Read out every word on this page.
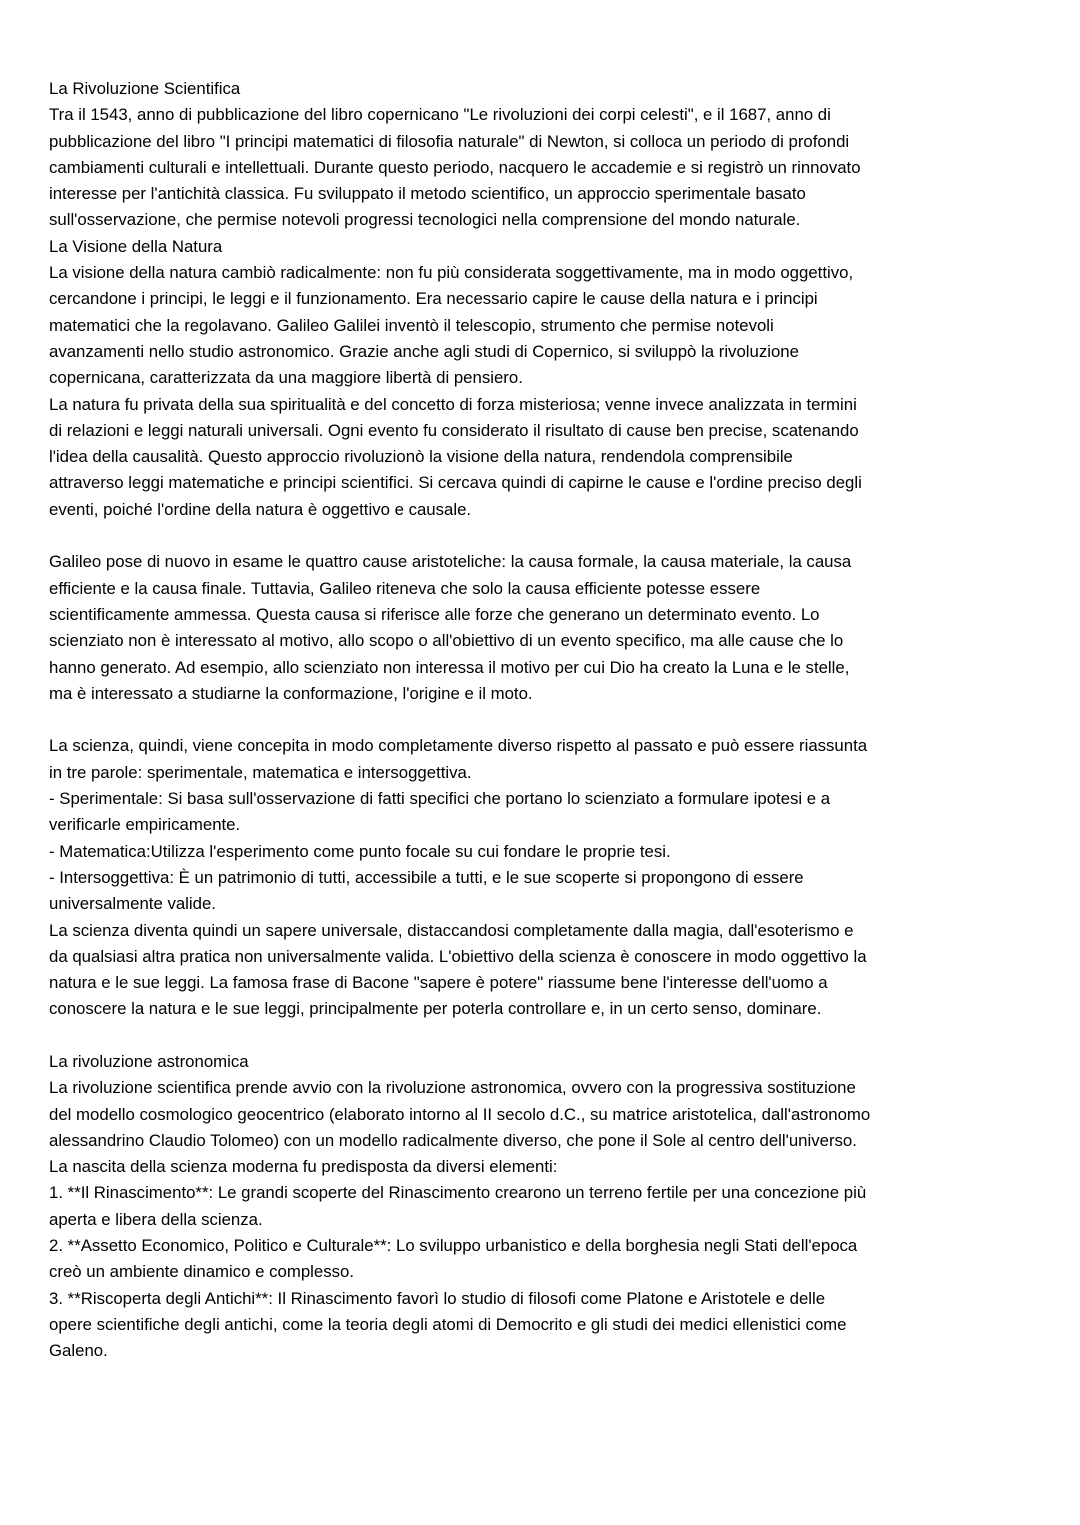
La Rivoluzione Scientifica
Tra il 1543, anno di pubblicazione del libro copernicano "Le rivoluzioni dei corpi celesti", e il 1687, anno di
pubblicazione del libro "I principi matematici di filosofia naturale" di Newton, si colloca un periodo di profondi
cambiamenti culturali e intellettuali. Durante questo periodo, nacquero le accademie e si registrò un rinnovato
interesse per l'antichità classica. Fu sviluppato il metodo scientifico, un approccio sperimentale basato
sull'osservazione, che permise notevoli progressi tecnologici nella comprensione del mondo naturale.
La Visione della Natura
La visione della natura cambiò radicalmente: non fu più considerata soggettivamente, ma in modo oggettivo,
cercandone i principi, le leggi e il funzionamento. Era necessario capire le cause della natura e i principi
matematici che la regolavano. Galileo Galilei inventò il telescopio, strumento che permise notevoli
avanzamenti nello studio astronomico. Grazie anche agli studi di Copernico, si sviluppò la rivoluzione
copernicana, caratterizzata da una maggiore libertà di pensiero.
La natura fu privata della sua spiritualità e del concetto di forza misteriosa; venne invece analizzata in termini
di relazioni e leggi naturali universali. Ogni evento fu considerato il risultato di cause ben precise, scatenando
l'idea della causalità. Questo approccio rivoluzionò la visione della natura, rendendola comprensibile
attraverso leggi matematiche e principi scientifici. Si cercava quindi di capirne le cause e l'ordine preciso degli
eventi, poiché l'ordine della natura è oggettivo e causale.

Galileo pose di nuovo in esame le quattro cause aristoteliche: la causa formale, la causa materiale, la causa
efficiente e la causa finale. Tuttavia, Galileo riteneva che solo la causa efficiente potesse essere
scientificamente ammessa. Questa causa si riferisce alle forze che generano un determinato evento. Lo
scienziato non è interessato al motivo, allo scopo o all'obiettivo di un evento specifico, ma alle cause che lo
hanno generato. Ad esempio, allo scienziato non interessa il motivo per cui Dio ha creato la Luna e le stelle,
ma è interessato a studiarne la conformazione, l'origine e il moto.

La scienza, quindi, viene concepita in modo completamente diverso rispetto al passato e può essere riassunta
in tre parole: sperimentale, matematica e intersoggettiva.
- Sperimentale: Si basa sull'osservazione di fatti specifici che portano lo scienziato a formulare ipotesi e a
verificarle empiricamente.
- Matematica:Utilizza l'esperimento come punto focale su cui fondare le proprie tesi.
- Intersoggettiva: È un patrimonio di tutti, accessibile a tutti, e le sue scoperte si propongono di essere
universalmente valide.
La scienza diventa quindi un sapere universale, distaccandosi completamente dalla magia, dall'esoterismo e
da qualsiasi altra pratica non universalmente valida. L'obiettivo della scienza è conoscere in modo oggettivo la
natura e le sue leggi. La famosa frase di Bacone "sapere è potere" riassume bene l'interesse dell'uomo a
conoscere la natura e le sue leggi, principalmente per poterla controllare e, in un certo senso, dominare.

La rivoluzione astronomica
La rivoluzione scientifica prende avvio con la rivoluzione astronomica, ovvero con la progressiva sostituzione
del modello cosmologico geocentrico (elaborato intorno al II secolo d.C., su matrice aristotelica, dall'astronomo
alessandrino Claudio Tolomeo) con un modello radicalmente diverso, che pone il Sole al centro dell'universo.
La nascita della scienza moderna fu predisposta da diversi elementi:
1. **Il Rinascimento**: Le grandi scoperte del Rinascimento crearono un terreno fertile per una concezione più
aperta e libera della scienza.
2. **Assetto Economico, Politico e Culturale**: Lo sviluppo urbanistico e della borghesia negli Stati dell'epoca
creò un ambiente dinamico e complesso.
3. **Riscoperta degli Antichi**: Il Rinascimento favorì lo studio di filosofi come Platone e Aristotele e delle
opere scientifiche degli antichi, come la teoria degli atomi di Democrito e gli studi dei medici ellenistici come
Galeno.
